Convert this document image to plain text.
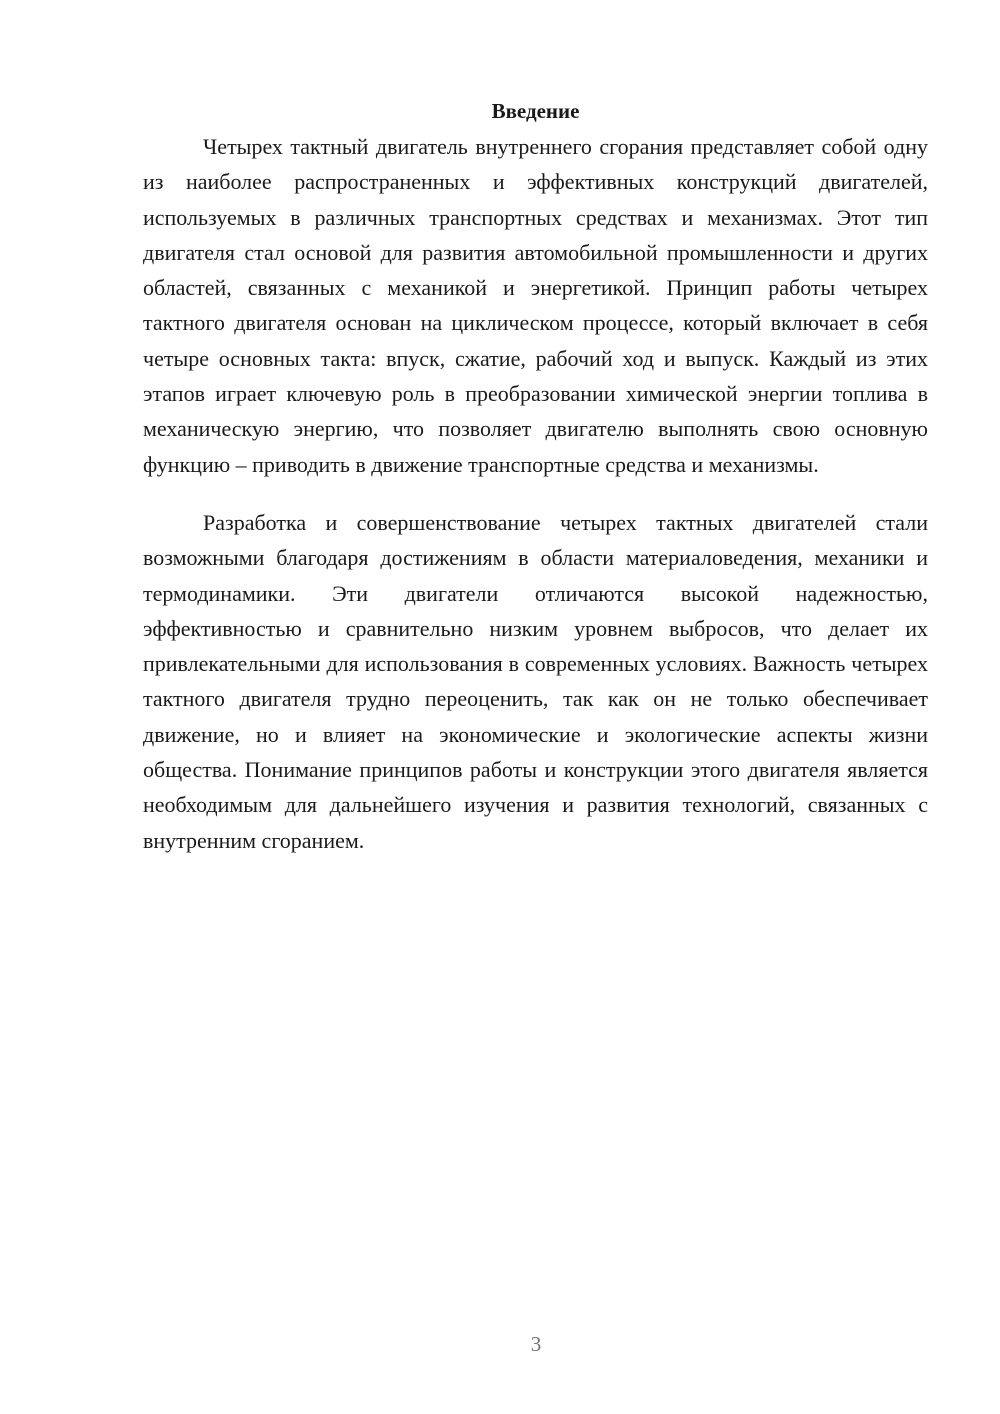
Введение

Четырех тактный двигатель внутреннего сгорания представляет собой одну из наиболее распространенных и эффективных конструкций двигателей, используемых в различных транспортных средствах и механизмах. Этот тип двигателя стал основой для развития автомобильной промышленности и других областей, связанных с механикой и энергетикой. Принцип работы четырех тактного двигателя основан на циклическом процессе, который включает в себя четыре основных такта: впуск, сжатие, рабочий ход и выпуск. Каждый из этих этапов играет ключевую роль в преобразовании химической энергии топлива в механическую энергию, что позволяет двигателю выполнять свою основную функцию – приводить в движение транспортные средства и механизмы.

Разработка и совершенствование четырех тактных двигателей стали возможными благодаря достижениям в области материаловедения, механики и термодинамики. Эти двигатели отличаются высокой надежностью, эффективностью и сравнительно низким уровнем выбросов, что делает их привлекательными для использования в современных условиях. Важность четырех тактного двигателя трудно переоценить, так как он не только обеспечивает движение, но и влияет на экономические и экологические аспекты жизни общества. Понимание принципов работы и конструкции этого двигателя является необходимым для дальнейшего изучения и развития технологий, связанных с внутренним сгоранием.

3
